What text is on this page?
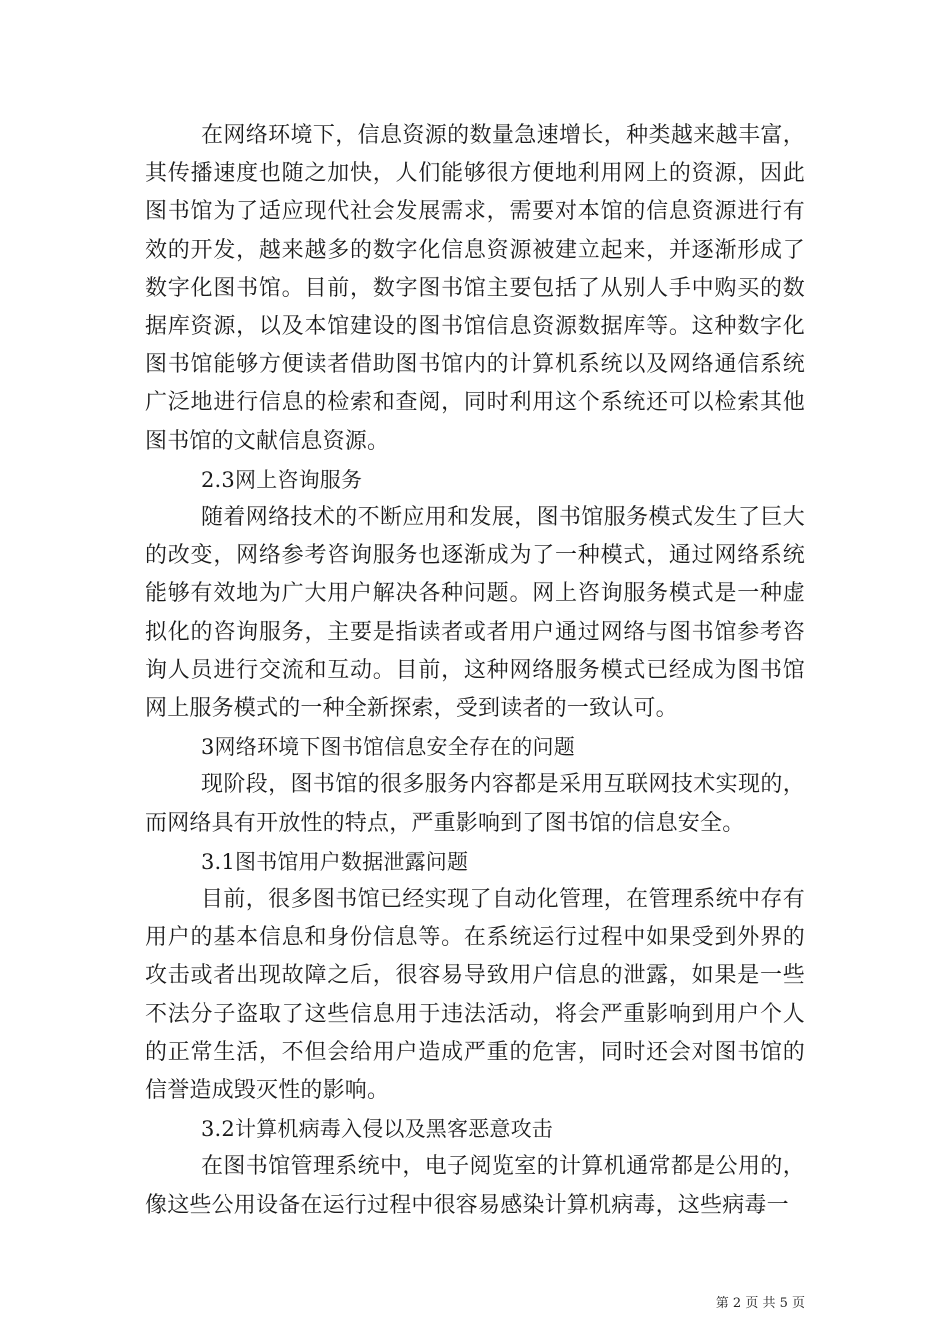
在网络环境下，信息资源的数量急速增长，种类越来越丰富，其传播速度也随之加快，人们能够很方便地利用网上的资源，因此图书馆为了适应现代社会发展需求，需要对本馆的信息资源进行有效的开发，越来越多的数字化信息资源被建立起来，并逐渐形成了数字化图书馆。目前，数字图书馆主要包括了从别人手中购买的数据库资源，以及本馆建设的图书馆信息资源数据库等。这种数字化图书馆能够方便读者借助图书馆内的计算机系统以及网络通信系统广泛地进行信息的检索和查阅，同时利用这个系统还可以检索其他图书馆的文献信息资源。

2.3网上咨询服务

随着网络技术的不断应用和发展，图书馆服务模式发生了巨大的改变，网络参考咨询服务也逐渐成为了一种模式，通过网络系统能够有效地为广大用户解决各种问题。网上咨询服务模式是一种虚拟化的咨询服务，主要是指读者或者用户通过网络与图书馆参考咨询人员进行交流和互动。目前，这种网络服务模式已经成为图书馆网上服务模式的一种全新探索，受到读者的一致认可。

3网络环境下图书馆信息安全存在的问题

现阶段，图书馆的很多服务内容都是采用互联网技术实现的，而网络具有开放性的特点，严重影响到了图书馆的信息安全。

3.1图书馆用户数据泄露问题

目前，很多图书馆已经实现了自动化管理，在管理系统中存有用户的基本信息和身份信息等。在系统运行过程中如果受到外界的攻击或者出现故障之后，很容易导致用户信息的泄露，如果是一些不法分子盗取了这些信息用于违法活动，将会严重影响到用户个人的正常生活，不但会给用户造成严重的危害，同时还会对图书馆的信誉造成毁灭性的影响。

3.2计算机病毒入侵以及黑客恶意攻击

在图书馆管理系统中，电子阅览室的计算机通常都是公用的，像这些公用设备在运行过程中很容易感染计算机病毒，这些病毒一

第 2 页 共 5 页
